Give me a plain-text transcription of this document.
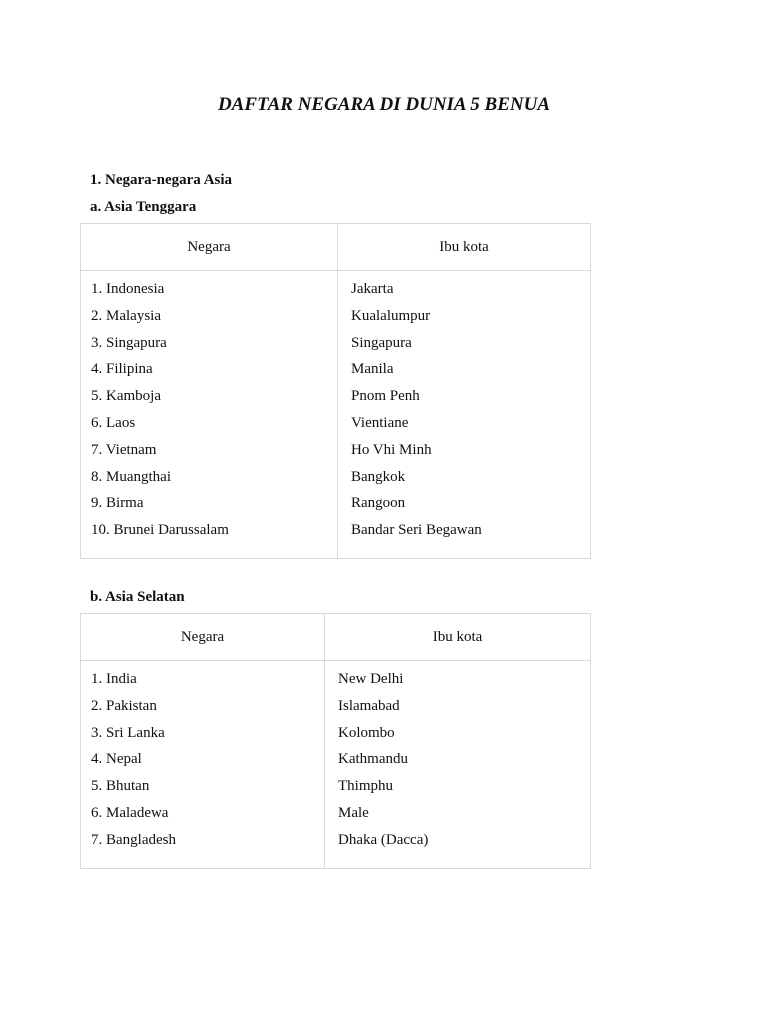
DAFTAR NEGARA DI DUNIA 5 BENUA
1. Negara-negara Asia
a. Asia Tenggara
Negara	Ibu kota
1. Indonesia
2. Malaysia
3. Singapura
4. Filipina
5. Kamboja
6. Laos
7. Vietnam
8. Muangthai
9. Birma
10. Brunei Darussalam
Jakarta
Kualalumpur
Singapura
Manila
Pnom Penh
Vientiane
Ho Vhi Minh
Bangkok
Rangoon
Bandar Seri Begawan
b. Asia Selatan
Negara	Ibu kota
1. India
2. Pakistan
3. Sri Lanka
4. Nepal
5. Bhutan
6. Maladewa
7. Bangladesh
New Delhi
Islamabad
Kolombo
Kathmandu
Thimphu
Male
Dhaka (Dacca)
